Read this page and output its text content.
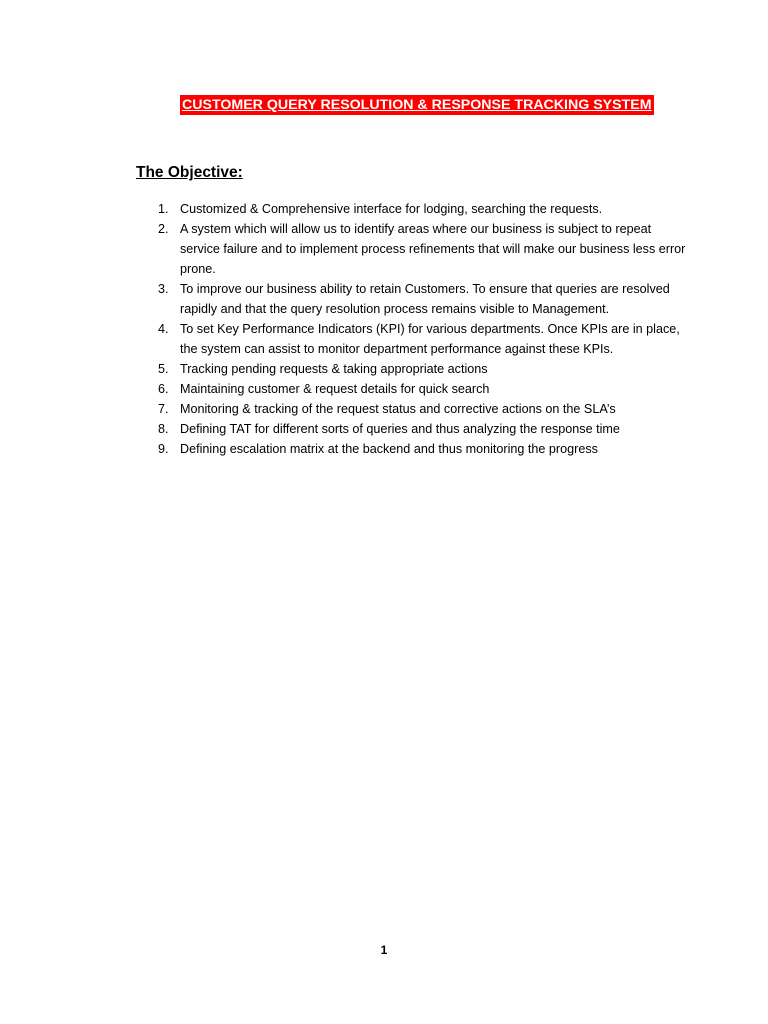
CUSTOMER QUERY RESOLUTION & RESPONSE TRACKING SYSTEM
The Objective:
1. Customized & Comprehensive interface for lodging, searching the requests.
2. A system which will allow us to identify areas where our business is subject to repeat service failure and to implement process refinements that will make our business less error prone.
3. To improve our business ability to retain Customers. To ensure that queries are resolved rapidly and that the query resolution process remains visible to Management.
4. To set Key Performance Indicators (KPI) for various departments. Once KPIs are in place, the system can assist to monitor department performance against these KPIs.
5. Tracking pending requests & taking appropriate actions
6. Maintaining customer & request details for quick search
7. Monitoring & tracking of the request status and corrective actions on the SLA’s
8. Defining TAT for different sorts of queries and thus analyzing the response time
9. Defining escalation matrix at the backend and thus monitoring the progress
1
